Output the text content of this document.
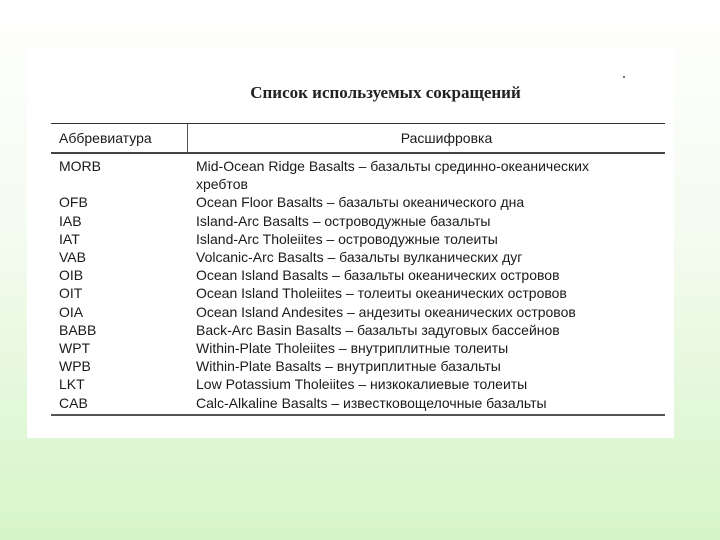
Список используемых сокращений
Аббревиатура	Расшифровка
MORB	Mid-Ocean Ridge Basalts – базальты срединно-океанических
хребтов
OFB	Ocean Floor Basalts – базальты океанического дна
IAB	Island-Arc Basalts – островодужные базальты
IAT	Island-Arc Tholeiites – островодужные толеиты
VAB	Volcanic-Arc Basalts – базальты вулканических дуг
OIB	Ocean Island Basalts – базальты океанических островов
OIT	Ocean Island Tholeiites – толеиты океанических островов
OIA	Ocean Island Andesites – андезиты океанических островов
BABB	Back-Arc Basin Basalts – базальты задуговых бассейнов
WPT	Within-Plate Tholeiites – внутриплитные толеиты
WPB	Within-Plate Basalts – внутриплитные базальты
LKT	Low Potassium Tholeiites – низкокалиевые толеиты
CAB	Calc-Alkaline Basalts – известковощелочные базальты
